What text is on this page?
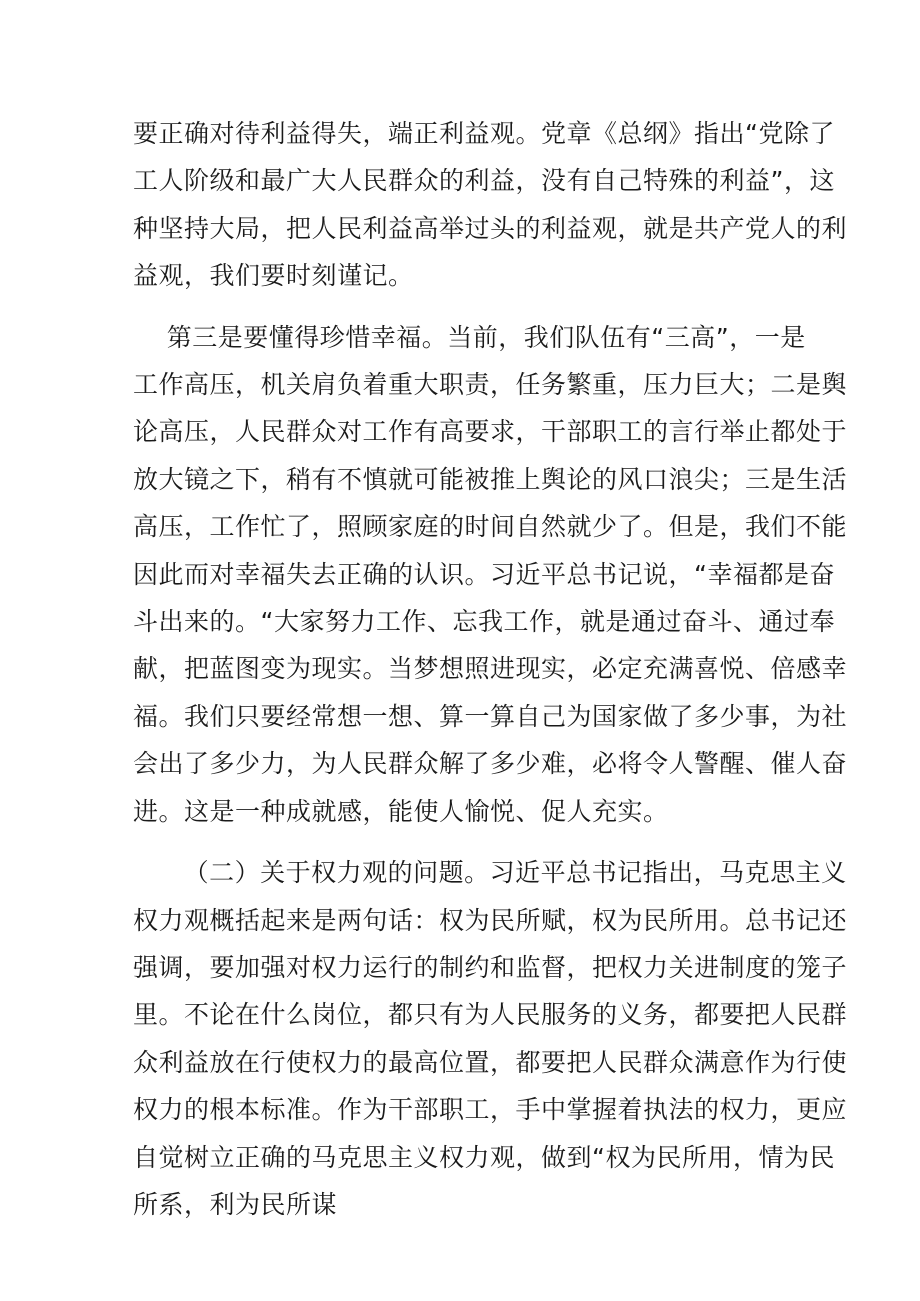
要正确对待利益得失，端正利益观。党章《总纲》指出“党除了
工人阶级和最广大人民群众的利益，没有自己特殊的利益”，这
种坚持大局，把人民利益高举过头的利益观，就是共产党人的利
益观，我们要时刻谨记。
第三是要懂得珍惜幸福。当前，我们队伍有“三高”，一是
工作高压，机关肩负着重大职责，任务繁重，压力巨大；二是舆
论高压，人民群众对工作有高要求，干部职工的言行举止都处于
放大镜之下，稍有不慎就可能被推上舆论的风口浪尖；三是生活
高压，工作忙了，照顾家庭的时间自然就少了。但是，我们不能
因此而对幸福失去正确的认识。习近平总书记说，“幸福都是奋
斗出来的。“大家努力工作、忘我工作，就是通过奋斗、通过奉
献，把蓝图变为现实。当梦想照进现实，必定充满喜悦、倍感幸
福。我们只要经常想一想、算一算自己为国家做了多少事，为社
会出了多少力，为人民群众解了多少难，必将令人警醒、催人奋
进。这是一种成就感，能使人愉悦、促人充实。
（二）关于权力观的问题。习近平总书记指出，马克思主义
权力观概括起来是两句话：权为民所赋，权为民所用。总书记还
强调，要加强对权力运行的制约和监督，把权力关进制度的笼子
里。不论在什么岗位，都只有为人民服务的义务，都要把人民群
众利益放在行使权力的最高位置，都要把人民群众满意作为行使
权力的根本标准。作为干部职工，手中掌握着执法的权力，更应
自觉树立正确的马克思主义权力观，做到“权为民所用，情为民
所系，利为民所谋
